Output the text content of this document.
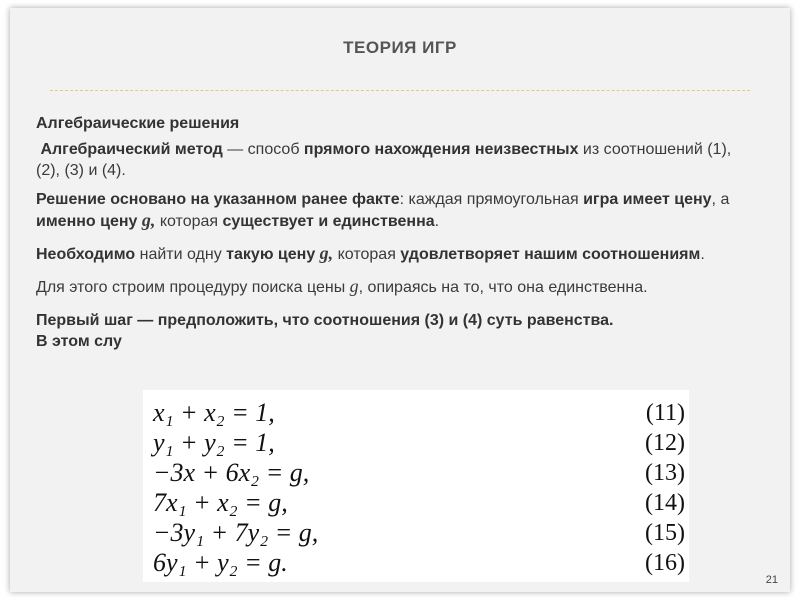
ТЕОРИЯ ИГР

Алгебраические решения

Алгебраический метод — способ прямого нахождения неизвестных из соотношений (1), (2), (3) и (4).

Решение основано на указанном ранее факте: каждая прямоугольная игра имеет цену, а именно цену g, которая существует и единственна.

Необходимо найти одну такую цену g, которая удовлетворяет нашим соотношениям.

Для этого строим процедуру поиска цены g, опираясь на то, что она единственна.

Первый шаг — предположить, что соотношения (3) и (4) суть равенства.
В этом слу

x₁ + x₂ = 1,	(11)
y₁ + y₂ = 1,	(12)
−3x + 6x₂ = g,	(13)
7x₁ + x₂ = g,	(14)
−3y₁ + 7y₂ = g,	(15)
6y₁ + y₂ = g.	(16)
21
